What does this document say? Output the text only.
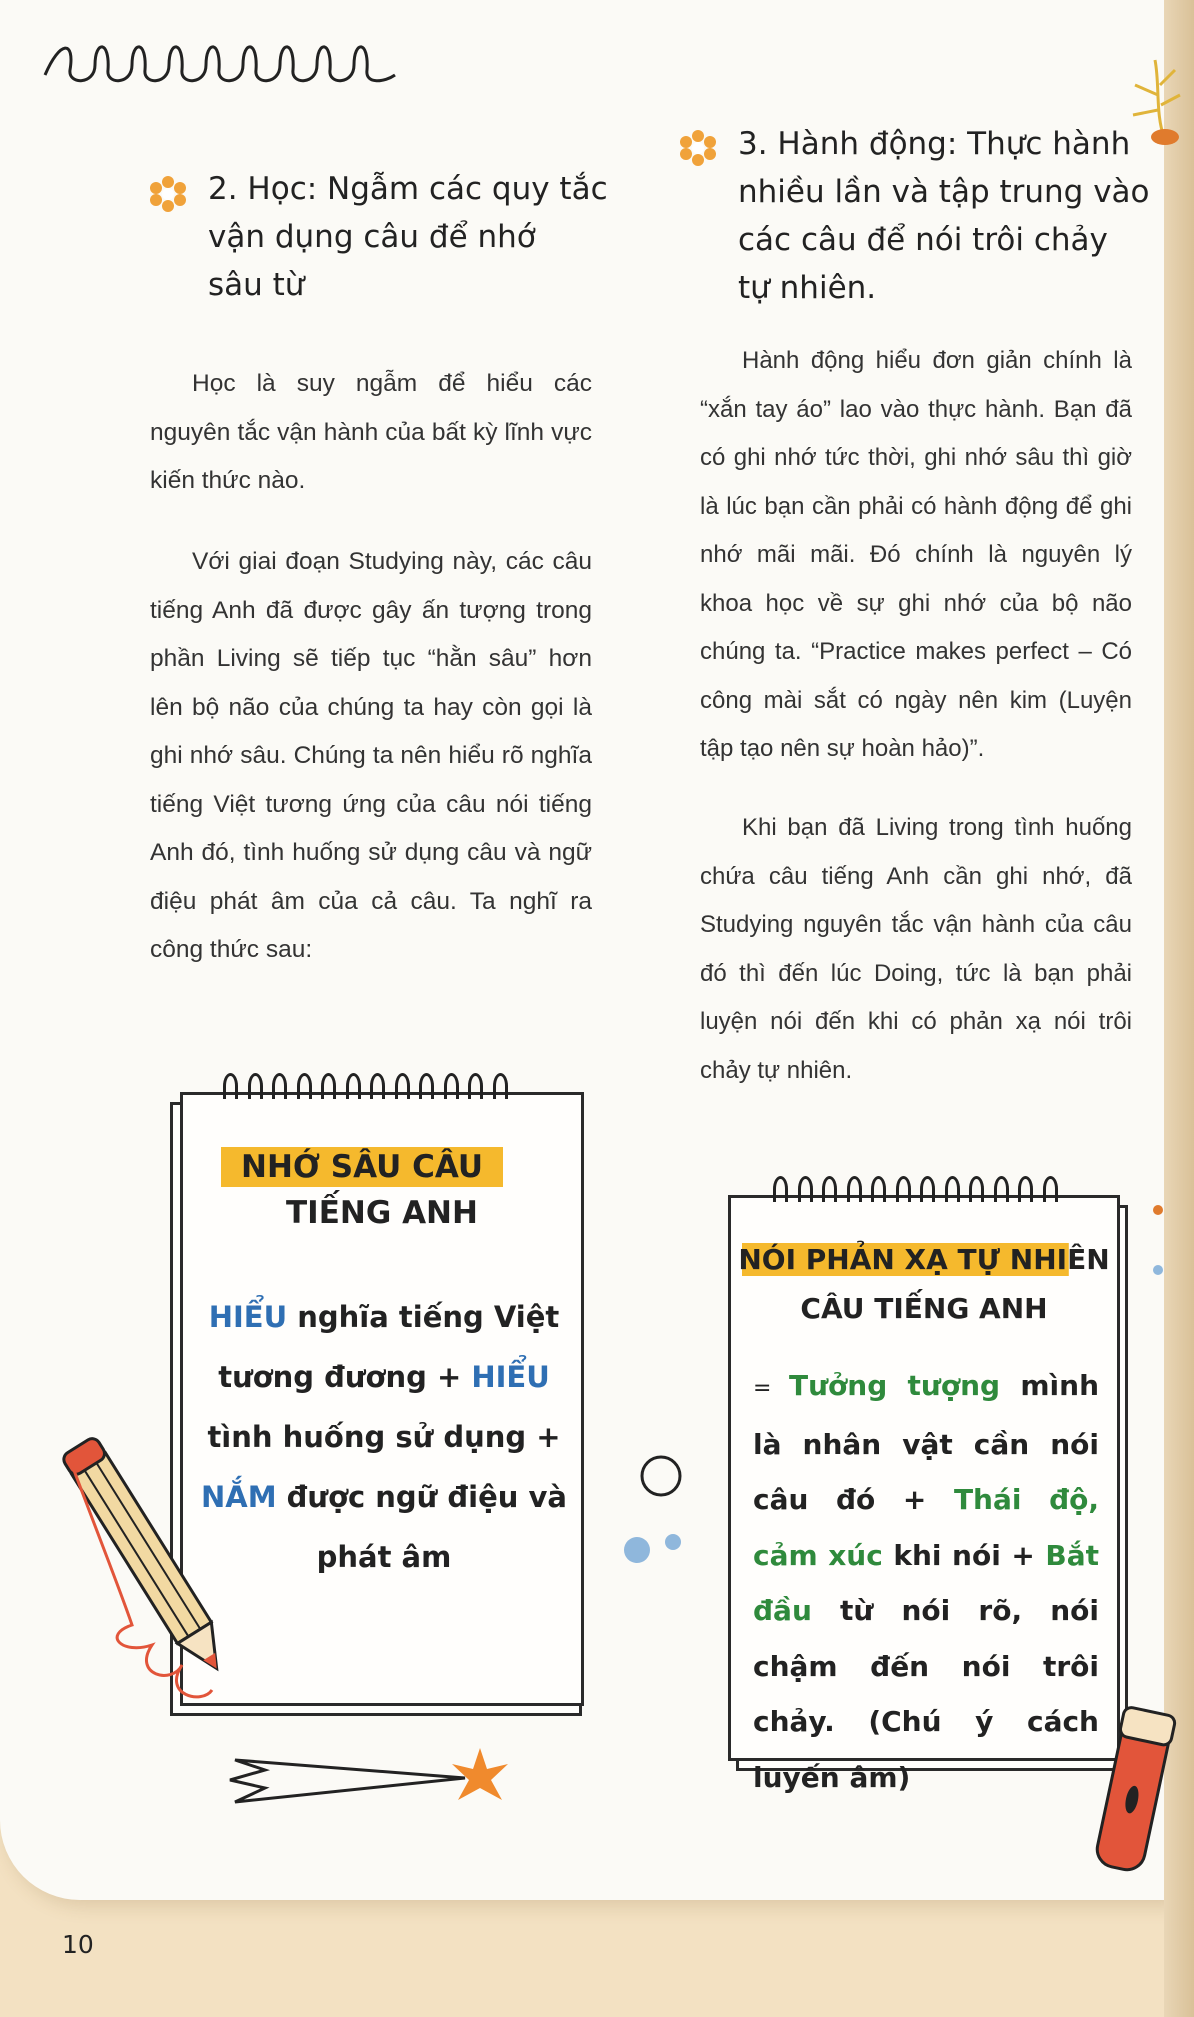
2. Học: Ngẫm các quy tắc
vận dụng câu để nhớ
sâu từ
Học là suy ngẫm để hiểu các nguyên tắc vận hành của bất kỳ lĩnh vực kiến thức nào.
Với giai đoạn Studying này, các câu tiếng Anh đã được gây ấn tượng trong phần Living sẽ tiếp tục “hằn sâu” hơn lên bộ não của chúng ta hay còn gọi là ghi nhớ sâu. Chúng ta nên hiểu rõ nghĩa tiếng Việt tương ứng của câu nói tiếng Anh đó, tình huống sử dụng câu và ngữ điệu phát âm của cả câu. Ta nghĩ ra công thức sau:
NHỚ SÂU CÂU
TIẾNG ANH
HIỂU nghĩa tiếng Việt
tương đương + HIỂU
tình huống sử dụng +
NẮM được ngữ điệu và
phát âm
3. Hành động: Thực hành
nhiều lần và tập trung vào
các câu để nói trôi chảy
tự nhiên.
Hành động hiểu đơn giản chính là “xắn tay áo” lao vào thực hành. Bạn đã có ghi nhớ tức thời, ghi nhớ sâu thì giờ là lúc bạn cần phải có hành động để ghi nhớ mãi mãi. Đó chính là nguyên lý khoa học về sự ghi nhớ của bộ não chúng ta. “Practice makes perfect – Có công mài sắt có ngày nên kim (Luyện tập tạo nên sự hoàn hảo)”.
Khi bạn đã Living trong tình huống chứa câu tiếng Anh cần ghi nhớ, đã Studying nguyên tắc vận hành của câu đó thì đến lúc Doing, tức là bạn phải luyện nói đến khi có phản xạ nói trôi chảy tự nhiên.
NÓI PHẢN XẠ TỰ NHIÊN
CÂU TIẾNG ANH
= Tưởng tượng mình là nhân vật cần nói câu đó + Thái độ, cảm xúc khi nói + Bắt đầu từ nói rõ, nói chậm đến nói trôi chảy. (Chú ý cách luyến âm)
10
